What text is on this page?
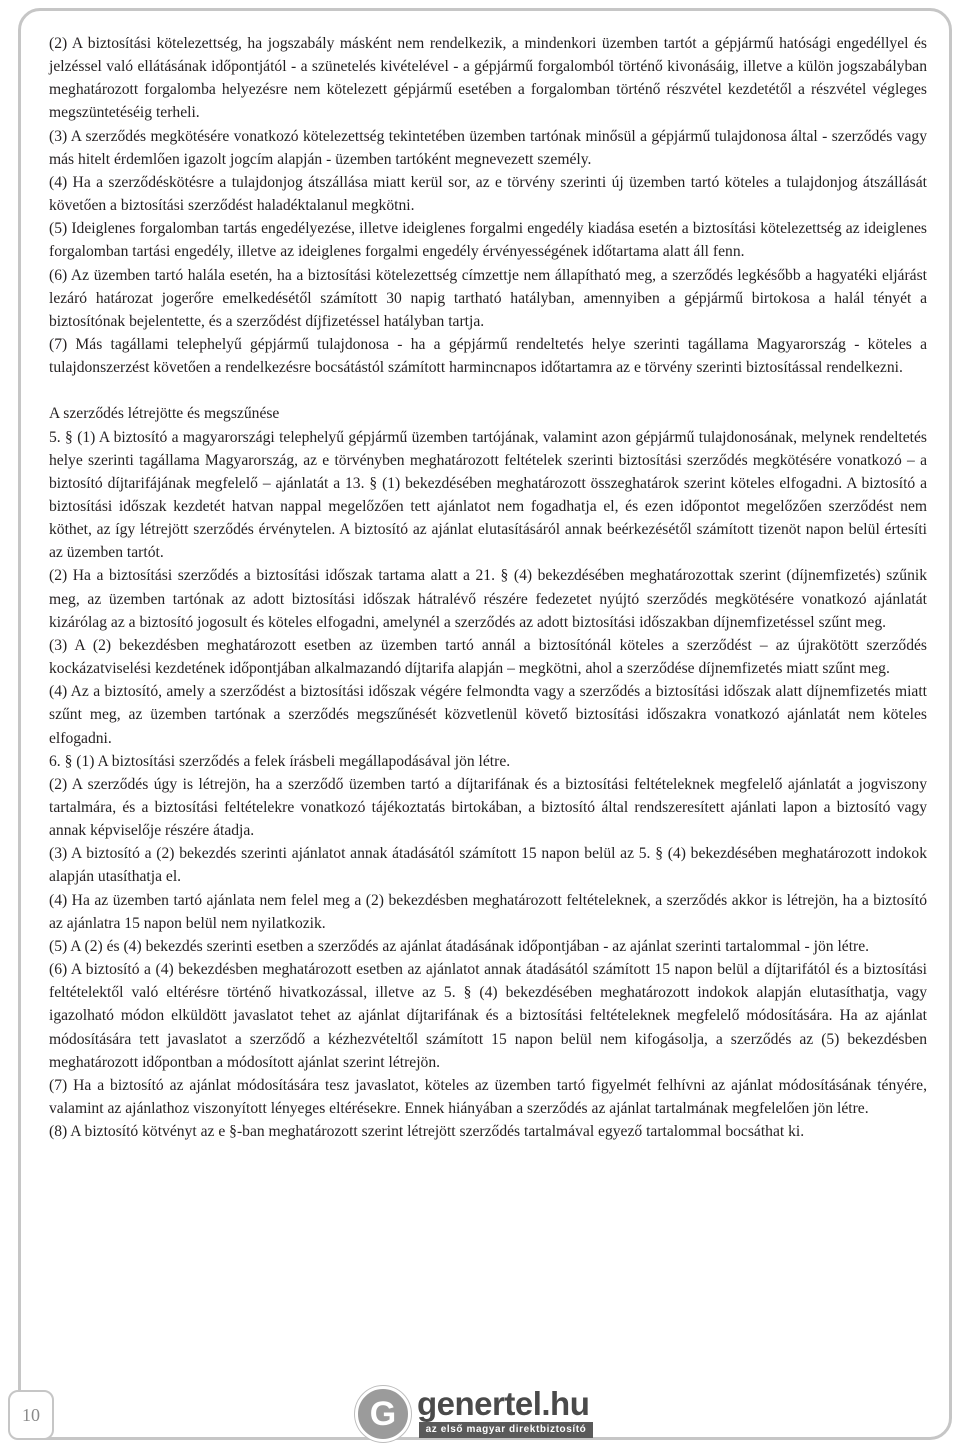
(2) A biztosítási kötelezettség, ha jogszabály másként nem rendelkezik, a mindenkori üzemben tartót a gépjármű hatósági engedéllyel és jelzéssel való ellátásának időpontjától - a szünetelés kivételével - a gépjármű forgalomból történő kivonásáig, illetve a külön jogszabályban meghatározott forgalomba helyezésre nem kötelezett gépjármű esetében a forgalomban történő részvétel kezdetétől a részvétel végleges megszüntetéséig terheli.

(3) A szerződés megkötésére vonatkozó kötelezettség tekintetében üzemben tartónak minősül a gépjármű tulajdonosa által - szerződés vagy más hitelt érdemlően igazolt jogcím alapján - üzemben tartóként megnevezett személy.

(4) Ha a szerződéskötésre a tulajdonjog átszállása miatt kerül sor, az e törvény szerinti új üzemben tartó köteles a tulajdonjog átszállását követően a biztosítási szerződést haladéktalanul megkötni.

(5) Ideiglenes forgalomban tartás engedélyezése, illetve ideiglenes forgalmi engedély kiadása esetén a biztosítási kötelezettség az ideiglenes forgalomban tartási engedély, illetve az ideiglenes forgalmi engedély érvényességének időtartama alatt áll fenn.

(6) Az üzemben tartó halála esetén, ha a biztosítási kötelezettség címzettje nem állapítható meg, a szerződés legkésőbb a hagyatéki eljárást lezáró határozat jogerőre emelkedésétől számított 30 napig tartható hatályban, amennyiben a gépjármű birtokosa a halál tényét a biztosítónak bejelentette, és a szerződést díjfizetéssel hatályban tartja.

(7) Más tagállami telephelyű gépjármű tulajdonosa - ha a gépjármű rendeltetés helye szerinti tagállama Magyarország - köteles a tulajdonszerzést követően a rendelkezésre bocsátástól számított harmincnapos időtartamra az e törvény szerinti biztosítással rendelkezni.

A szerződés létrejötte és megszűnése

5. § (1) A biztosító a magyarországi telephelyű gépjármű üzemben tartójának, valamint azon gépjármű tulajdonosának, melynek rendeltetés helye szerinti tagállama Magyarország, az e törvényben meghatározott feltételek szerinti biztosítási szerződés megkötésére vonatkozó – a biztosító díjtarifájának megfelelő – ajánlatát a 13. § (1) bekezdésében meghatározott összeghatárok szerint köteles elfogadni. A biztosító a biztosítási időszak kezdetét hatvan nappal megelőzően tett ajánlatot nem fogadhatja el, és ezen időpontot megelőzően szerződést nem köthet, az így létrejött szerződés érvénytelen. A biztosító az ajánlat elutasításáról annak beérkezésétől számított tizenöt napon belül értesíti az üzemben tartót.

(2) Ha a biztosítási szerződés a biztosítási időszak tartama alatt a 21. § (4) bekezdésében meghatározottak szerint (díjnemfizetés) szűnik meg, az üzemben tartónak az adott biztosítási időszak hátralévő részére fedezetet nyújtó szerződés megkötésére vonatkozó ajánlatát kizárólag az a biztosító jogosult és köteles elfogadni, amelynél a szerződés az adott biztosítási időszakban díjnemfizetéssel szűnt meg.

(3) A (2) bekezdésben meghatározott esetben az üzemben tartó annál a biztosítónál köteles a szerződést – az újrakötött szerződés kockázatviselési kezdetének időpontjában alkalmazandó díjtarifa alapján – megkötni, ahol a szerződése díjnemfizetés miatt szűnt meg.

(4) Az a biztosító, amely a szerződést a biztosítási időszak végére felmondta vagy a szerződés a biztosítási időszak alatt díjnemfizetés miatt szűnt meg, az üzemben tartónak a szerződés megszűnését közvetlenül követő biztosítási időszakra vonatkozó ajánlatát nem köteles elfogadni.

6. § (1) A biztosítási szerződés a felek írásbeli megállapodásával jön létre.

(2) A szerződés úgy is létrejön, ha a szerződő üzemben tartó a díjtarifának és a biztosítási feltételeknek megfelelő ajánlatát a jogviszony tartalmára, és a biztosítási feltételekre vonatkozó tájékoztatás birtokában, a biztosító által rendszeresített ajánlati lapon a biztosító vagy annak képviselője részére átadja.

(3) A biztosító a (2) bekezdés szerinti ajánlatot annak átadásától számított 15 napon belül az 5. § (4) bekezdésében meghatározott indokok alapján utasíthatja el.

(4) Ha az üzemben tartó ajánlata nem felel meg a (2) bekezdésben meghatározott feltételeknek, a szerződés akkor is létrejön, ha a biztosító az ajánlatra 15 napon belül nem nyilatkozik.

(5) A (2) és (4) bekezdés szerinti esetben a szerződés az ajánlat átadásának időpontjában - az ajánlat szerinti tartalommal - jön létre.

(6) A biztosító a (4) bekezdésben meghatározott esetben az ajánlatot annak átadásától számított 15 napon belül a díjtarifától és a biztosítási feltételektől való eltérésre történő hivatkozással, illetve az 5. § (4) bekezdésében meghatározott indokok alapján elutasíthatja, vagy igazolható módon elküldött javaslatot tehet az ajánlat díjtarifának és a biztosítási feltételeknek megfelelő módosítására. Ha az ajánlat módosítására tett javaslatot a szerződő a kézhezvételtől számított 15 napon belül nem kifogásolja, a szerződés az (5) bekezdésben meghatározott időpontban a módosított ajánlat szerint létrejön.

(7) Ha a biztosító az ajánlat módosítására tesz javaslatot, köteles az üzemben tartó figyelmét felhívni az ajánlat módosításának tényére, valamint az ajánlathoz viszonyított lényeges eltérésekre. Ennek hiányában a szerződés az ajánlat tartalmának megfelelően jön létre.

(8) A biztosító kötvényt az e §-ban meghatározott szerint létrejött szerződés tartalmával egyező tartalommal bocsáthat ki.

10	G genertel.hu
az első magyar direktbiztosító
